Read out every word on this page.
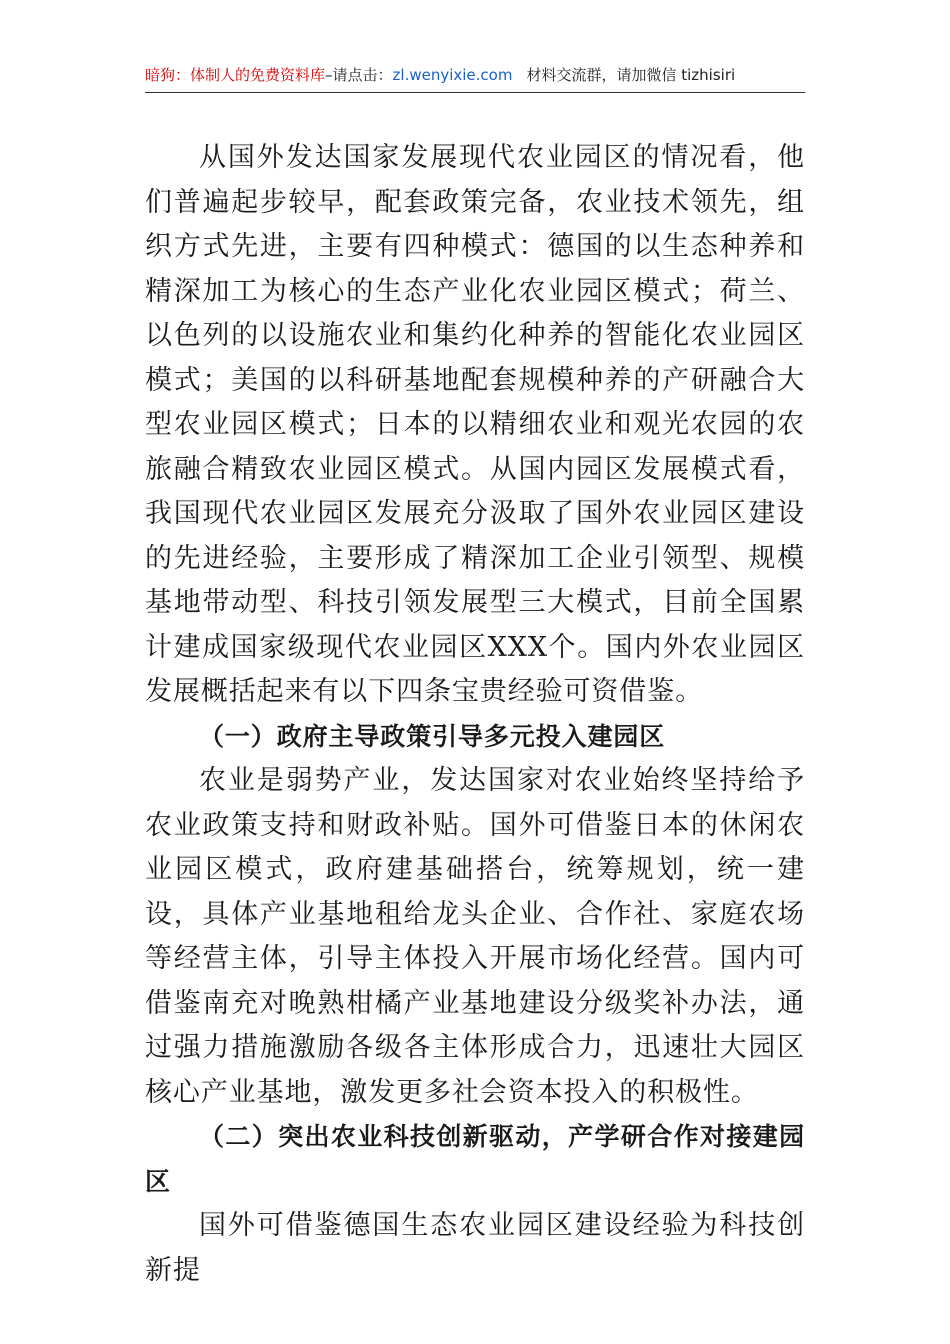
暗狗：体制人的免费资料库–请点击：zl.wenyixie.com 材料交流群，请加微信 tizhisiri

从国外发达国家发展现代农业园区的情况看，他们普遍起步较早，配套政策完备，农业技术领先，组织方式先进，主要有四种模式：德国的以生态种养和精深加工为核心的生态产业化农业园区模式；荷兰、以色列的以设施农业和集约化种养的智能化农业园区模式；美国的以科研基地配套规模种养的产研融合大型农业园区模式；日本的以精细农业和观光农园的农旅融合精致农业园区模式。从国内园区发展模式看，我国现代农业园区发展充分汲取了国外农业园区建设的先进经验，主要形成了精深加工企业引领型、规模基地带动型、科技引领发展型三大模式，目前全国累计建成国家级现代农业园区XXX个。国内外农业园区发展概括起来有以下四条宝贵经验可资借鉴。

（一）政府主导政策引导多元投入建园区

农业是弱势产业，发达国家对农业始终坚持给予农业政策支持和财政补贴。国外可借鉴日本的休闲农业园区模式，政府建基础搭台，统筹规划，统一建设，具体产业基地租给龙头企业、合作社、家庭农场等经营主体，引导主体投入开展市场化经营。国内可借鉴南充对晚熟柑橘产业基地建设分级奖补办法，通过强力措施激励各级各主体形成合力，迅速壮大园区核心产业基地，激发更多社会资本投入的积极性。

（二）突出农业科技创新驱动，产学研合作对接建园区

国外可借鉴德国生态农业园区建设经验为科技创新提
